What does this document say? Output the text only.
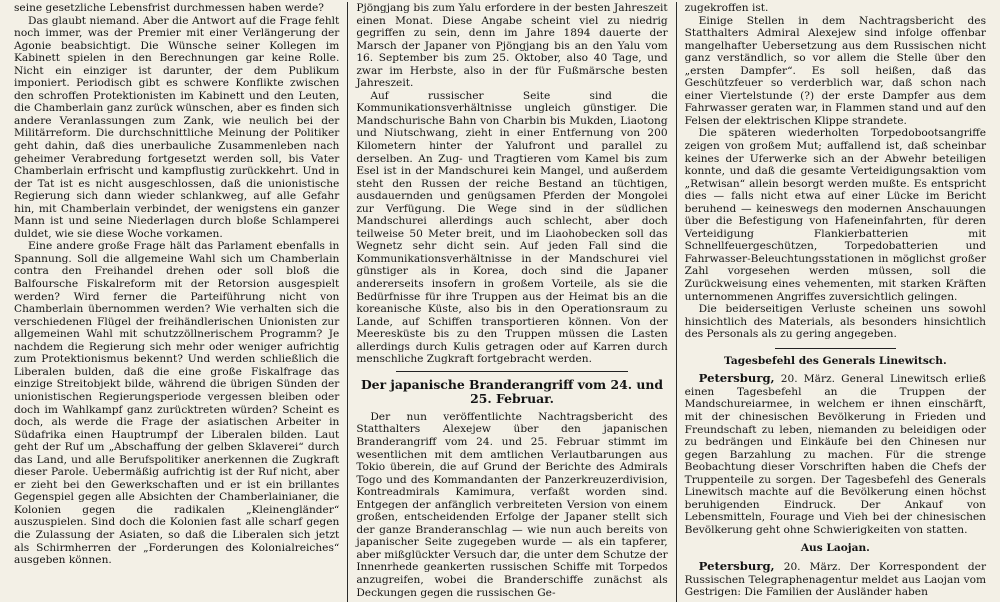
seine gesetzliche Lebensfrist durchmessen haben werde?

Das glaubt niemand. Aber die Antwort auf die Frage fehlt noch immer, was der Premier mit einer Verlängerung der Agonie beabsichtigt. Die Wünsche seiner Kollegen im Kabinett spielen in den Berechnungen gar keine Rolle. Nicht ein einziger ist darunter, der dem Publikum imponiert. Periodisch gibt es schwere Konflikte zwischen den schroffen Protektionisten im Kabinett und den Leuten, die Chamberlain ganz zurück wünschen, aber es finden sich andere Veranlassungen zum Zank, wie neulich bei der Militärreform. Die durchschnittliche Meinung der Politiker geht dahin, daß dies unerbauliche Zusammenleben nach geheimer Verabredung fortgesetzt werden soll, bis Vater Chamberlain erfrischt und kampflustig zurückkehrt. Und in der Tat ist es nicht ausgeschlossen, daß die unionistische Regierung sich dann wieder schlankweg, auf alle Gefahr hin, mit Chamberlain verbindet, der wenigstens ein ganzer Mann ist und seine Niederlagen durch bloße Schlamperei duldet, wie sie diese Woche vorkamen.

Eine andere große Frage hält das Parlament ebenfalls in Spannung. Soll die allgemeine Wahl sich um Chamberlain contra den Freihandel drehen oder soll bloß die Balfoursche Fiskalreform mit der Retorsion ausgespielt werden? Wird ferner die Parteiführung nicht von Chamberlain übernommen werden? Wie verhalten sich die verschiedenen Flügel der freihändlerischen Unionisten zur allgemeinen Wahl mit schutzzöllnerischem Programm? Je nachdem die Regierung sich mehr oder weniger aufrichtig zum Protektionismus bekennt? Und werden schließlich die Liberalen bulden, daß die eine große Fiskalfrage das einzige Streitobjekt bilde, während die übrigen Sünden der unionistischen Regierungsperiode vergessen bleiben oder doch im Wahlkampf ganz zurücktreten würden? Scheint es doch, als werde die Frage der asiatischen Arbeiter in Südafrika einen Hauptrumpf der Liberalen bilden. Laut geht der Ruf um „Abschaffung der gelben Sklaverei“ durch das Land, und alle Berufspolitiker anerkennen die Zugkraft dieser Parole. Uebermäßig aufrichtig ist der Ruf nicht, aber er zieht bei den Gewerkschaften und er ist ein brillantes Gegenspiel gegen alle Absichten der Chamberlainianer, die Kolonien gegen die radikalen „Kleinengländer“ auszuspielen. Sind doch die Kolonien fast alle scharf gegen die Zulassung der Asiaten, so daß die Liberalen sich jetzt als Schirmherren der „Forderungen des Kolonialreiches“ ausgeben können.

Pjöngjang bis zum Yalu erfordere in der besten Jahreszeit einen Monat. Diese Angabe scheint viel zu niedrig gegriffen zu sein, denn im Jahre 1894 dauerte der Marsch der Japaner von Pjöngjang bis an den Yalu vom 16. September bis zum 25. Oktober, also 40 Tage, und zwar im Herbste, also in der für Fußmärsche besten Jahreszeit.

Auf russischer Seite sind die Kommunikationsverhältnisse ungleich günstiger. Die Mandschurische Bahn von Charbin bis Mukden, Liaotong und Niutschwang, zieht in einer Entfernung von 200 Kilometern hinter der Yalufront und parallel zu derselben. An Zug- und Tragtieren vom Kamel bis zum Esel ist in der Mandschurei kein Mangel, und außerdem steht den Russen der reiche Bestand an tüchtigen, ausdauernden und genügsamen Pferden der Mongolei zur Verfügung. Die Wege sind in der südlichen Mandschurei allerdings auch schlecht, aber doch teilweise 50 Meter breit, und im Liaohobecken soll das Wegnetz sehr dicht sein. Auf jeden Fall sind die Kommunikationsverhältnisse in der Mandschurei viel günstiger als in Korea, doch sind die Japaner andererseits insofern in großem Vorteile, als sie die Bedürfnisse für ihre Truppen aus der Heimat bis an die koreanische Küste, also bis in den Operationsraum zu Lande, auf Schiffen transportieren können. Von der Meeresküste bis zu den Truppen müssen die Lasten allerdings durch Kulis getragen oder auf Karren durch menschliche Zugkraft fortgebracht werden.

Der japanische Branderangriff vom 24. und 25. Februar.

Der nun veröffentlichte Nachtragsbericht des Statthalters Alexejew über den japanischen Branderangriff vom 24. und 25. Februar stimmt im wesentlichen mit dem amtlichen Verlautbarungen aus Tokio überein, die auf Grund der Berichte des Admirals Togo und des Kommandanten der Panzerkreuzerdivision, Kontreadmirals Kamimura, verfaßt worden sind. Entgegen der anfänglich verbreiteten Version von einem großen, entscheidenden Erfolge der Japaner stellt sich der ganze Branderanschlag — wie nun auch bereits von japanischer Seite zugegeben wurde — als ein tapferer, aber mißglückter Versuch dar, die unter dem Schutze der Innenrhede geankerten russischen Schiffe mit Torpedos anzugreifen, wobei die Branderschiffe zunächst als Deckungen gegen die russischen Ge-

zugekroffen ist.

Einige Stellen in dem Nachtragsbericht des Statthalters Admiral Alexejew sind infolge offenbar mangelhafter Uebersetzung aus dem Russischen nicht ganz verständlich, so vor allem die Stelle über den „ersten Dampfer“. Es soll heißen, daß das Geschützfeuer so verderblich war, daß schon nach einer Viertelstunde (?) der erste Dampfer aus dem Fahrwasser geraten war, in Flammen stand und auf den Felsen der elektrischen Klippe strandete.

Die späteren wiederholten Torpedobootsangriffe zeigen von großem Mut; auffallend ist, daß scheinbar keines der Uferwerke sich an der Abwehr beteiligen konnte, und daß die gesamte Verteidigungsaktion vom „Retwisan“ allein besorgt werden mußte. Es entspricht dies — falls nicht etwa auf einer Lücke im Bericht beruhend — keineswegs den modernen Anschauungen über die Befestigung von Hafeneinfahrten, für deren Verteidigung Flankierbatterien mit Schnellfeuergeschützen, Torpedobatterien und Fahrwasser-Beleuchtungsstationen in möglichst großer Zahl vorgesehen werden müssen, soll die Zurückweisung eines vehementen, mit starken Kräften unternommenen Angriffes zuversichtlich gelingen.

Die beiderseitigen Verluste scheinen uns sowohl hinsichtlich des Materials, als besonders hinsichtlich des Personals als zu gering angegeben.

Tagesbefehl des Generals Linewitsch.

Petersburg, 20. März. General Linewitsch erließ einen Tagesbefehl an die Truppen der Mandschureiarmee, in welchem er ihnen einschärft, mit der chinesischen Bevölkerung in Frieden und Freundschaft zu leben, niemanden zu beleidigen oder zu bedrängen und Einkäufe bei den Chinesen nur gegen Barzahlung zu machen. Für die strenge Beobachtung dieser Vorschriften haben die Chefs der Truppenteile zu sorgen. Der Tagesbefehl des Generals Linewitsch machte auf die Bevölkerung einen höchst beruhigenden Eindruck. Der Ankauf von Lebensmitteln, Fourage und Vieh bei der chinesischen Bevölkerung geht ohne Schwierigkeiten von statten.

Aus Laojan.

Petersburg, 20. März. Der Korrespondent der Russischen Telegraphenagentur meldet aus Laojan vom Gestrigen: Die Familien der Ausländer haben
